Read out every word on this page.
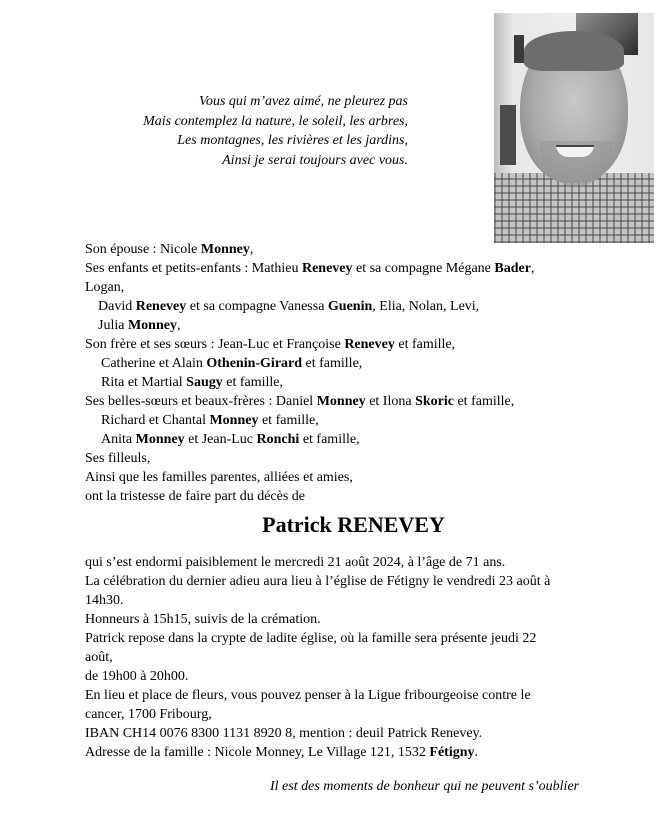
Vous qui m’avez aimé, ne pleurez pas
Mais contemplez la nature, le soleil, les arbres,
Les montagnes, les rivières et les jardins,
Ainsi je serai toujours avec vous.
Son épouse : Nicole Monney,
Ses enfants et petits-enfants : Mathieu Renevey et sa compagne Mégane Bader,
Logan,
David Renevey et sa compagne Vanessa Guenin, Elia, Nolan, Levi,
Julia Monney,
Son frère et ses sœurs : Jean-Luc et Françoise Renevey et famille,
Catherine et Alain Othenin-Girard et famille,
Rita et Martial Saugy et famille,
Ses belles-sœurs et beaux-frères : Daniel Monney et Ilona Skoric et famille,
Richard et Chantal Monney et famille,
Anita Monney et Jean-Luc Ronchi et famille,
Ses filleuls,
Ainsi que les familles parentes, alliées et amies,
ont la tristesse de faire part du décès de
Patrick RENEVEY
qui s’est endormi paisiblement le mercredi 21 août 2024, à l’âge de 71 ans.
La célébration du dernier adieu aura lieu à l’église de Fétigny le vendredi 23 août à
14h30.
Honneurs à 15h15, suivis de la crémation.
Patrick repose dans la crypte de ladite église, où la famille sera présente jeudi 22
août,
de 19h00 à 20h00.
En lieu et place de fleurs, vous pouvez penser à la Ligue fribourgeoise contre le
cancer, 1700 Fribourg,
IBAN CH14 0076 8300 1131 8920 8, mention : deuil Patrick Renevey.
Adresse de la famille : Nicole Monney, Le Village 121, 1532 Fétigny.
Il est des moments de bonheur qui ne peuvent s’oublier
